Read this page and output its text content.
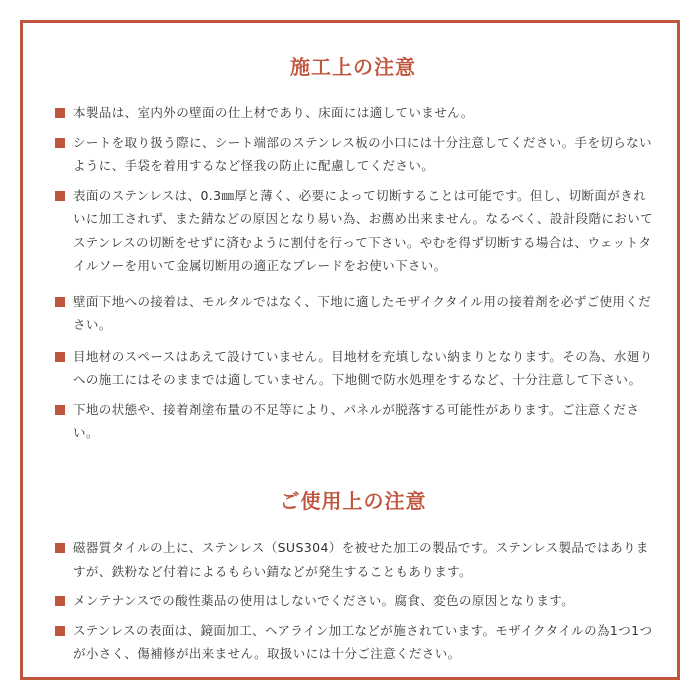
施工上の注意
本製品は、室内外の壁面の仕上材であり、床面には適していません。
シートを取り扱う際に、シート端部のステンレス板の小口には十分注意してください。手を切らないように、手袋を着用するなど怪我の防止に配慮してください。
表面のステンレスは、0.3㎜厚と薄く、必要によって切断することは可能です。但し、切断面がきれいに加工されず、また錆などの原因となり易い為、お薦め出来ません。なるべく、設計段階においてステンレスの切断をせずに済むように割付を行って下さい。やむを得ず切断する場合は、ウェットタイルソーを用いて金属切断用の適正なブレードをお使い下さい。
壁面下地への接着は、モルタルではなく、下地に適したモザイクタイル用の接着剤を必ずご使用ください。
目地材のスペースはあえて設けていません。目地材を充填しない納まりとなります。その為、水廻りへの施工にはそのままでは適していません。下地側で防水処理をするなど、十分注意して下さい。
下地の状態や、接着剤塗布量の不足等により、パネルが脱落する可能性があります。ご注意ください。
ご使用上の注意
磁器質タイルの上に、ステンレス（SUS304）を被せた加工の製品です。ステンレス製品ではありますが、鉄粉など付着によるもらい錆などが発生することもあります。
メンテナンスでの酸性薬品の使用はしないでください。腐食、変色の原因となります。
ステンレスの表面は、鏡面加工、ヘアライン加工などが施されています。モザイクタイルの為1つ1つが小さく、傷補修が出来ません。取扱いには十分ご注意ください。
